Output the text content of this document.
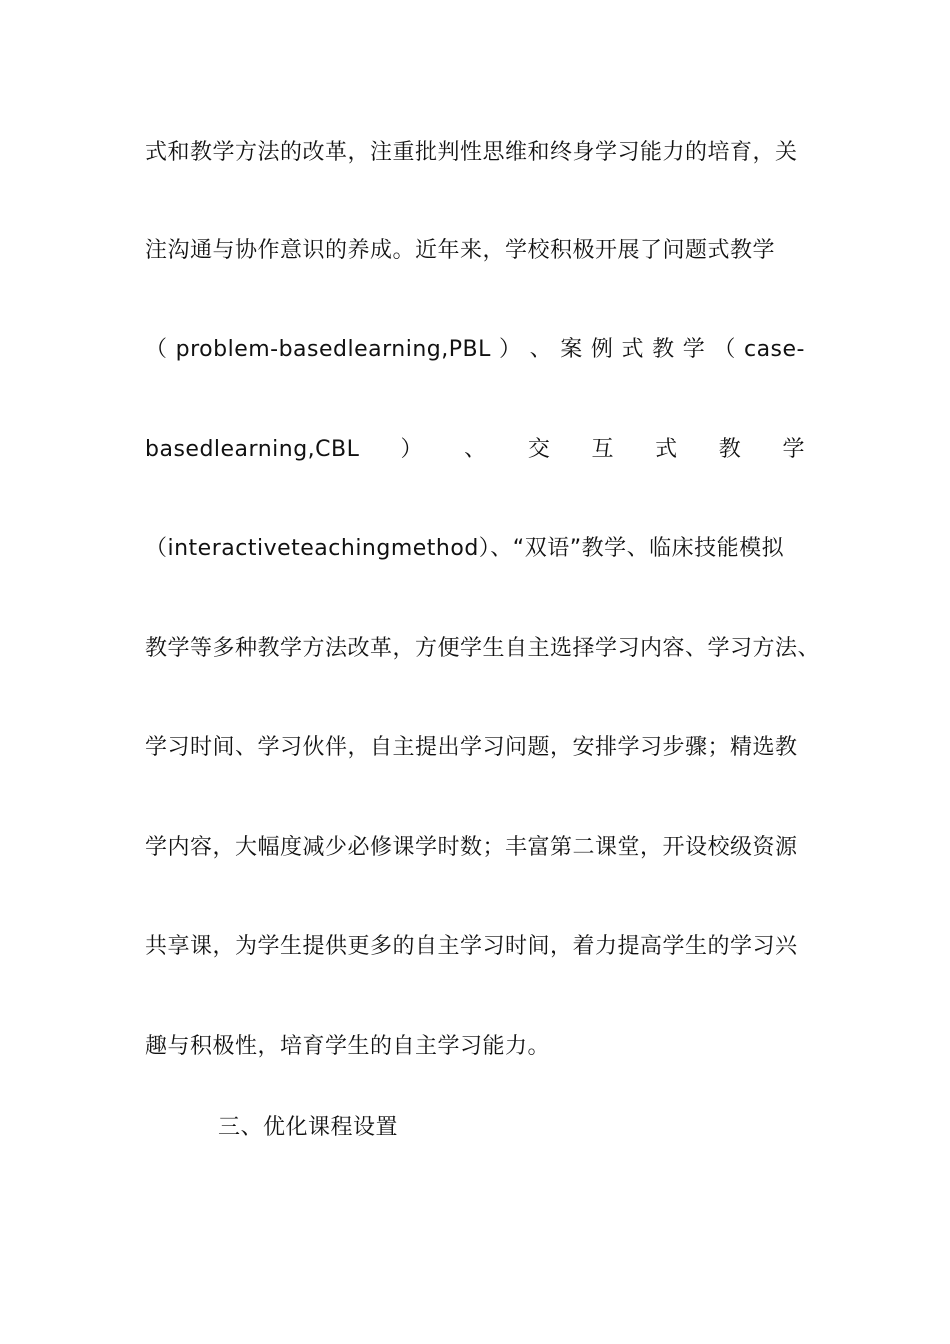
式和教学方法的改革，注重批判性思维和终身学习能力的培育，关
注沟通与协作意识的养成。近年来，学校积极开展了问题式教学
（ problem-basedlearning,PBL ） 、 案 例 式 教 学 （ case-
basedlearning,CBL ） 、 交 互 式 教 学
（interactiveteachingmethod）、“双语”教学、临床技能模拟
教学等多种教学方法改革，方便学生自主选择学习内容、学习方法、
学习时间、学习伙伴，自主提出学习问题，安排学习步骤；精选教
学内容，大幅度减少必修课学时数；丰富第二课堂，开设校级资源
共享课，为学生提供更多的自主学习时间，着力提高学生的学习兴
趣与积极性，培育学生的自主学习能力。
三、优化课程设置
